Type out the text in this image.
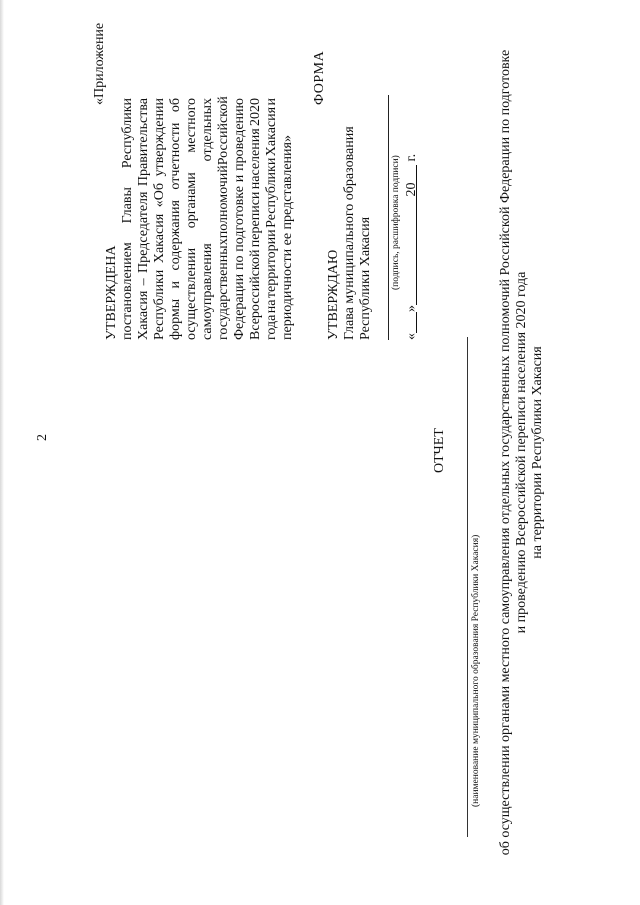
2
«Приложение
УТВЕРЖДЕНА постановлением
Главы
Республики
Хакасия
–
Председателя
Правительства
Республики
Хакасия
«Об
утверждении
формы
и
содержания
отчетности
об
осуществлении
органами
местного
самоуправления
отдельных
государственных
полномочий
Российской
Федерации
по
подготовке
и
проведению
Всероссийской
переписи
населения
2020
года
на
территории
Республики
Хакасия
и
периодичности ее представления»
ФОРМА
УТВЕРЖДАЮ Глава муниципального образования Республики Хакасия (подпись, расшифровка подписи)
«      »                               20      г.
ОТЧЕТ
(наименование муниципального образования Республики Хакасия) об осуществлении органами местного самоуправления отдельных государственных полномочий Российской Федерации по подготовке и проведению Всероссийской переписи населения 2020 года на территории Республики Хакасия
